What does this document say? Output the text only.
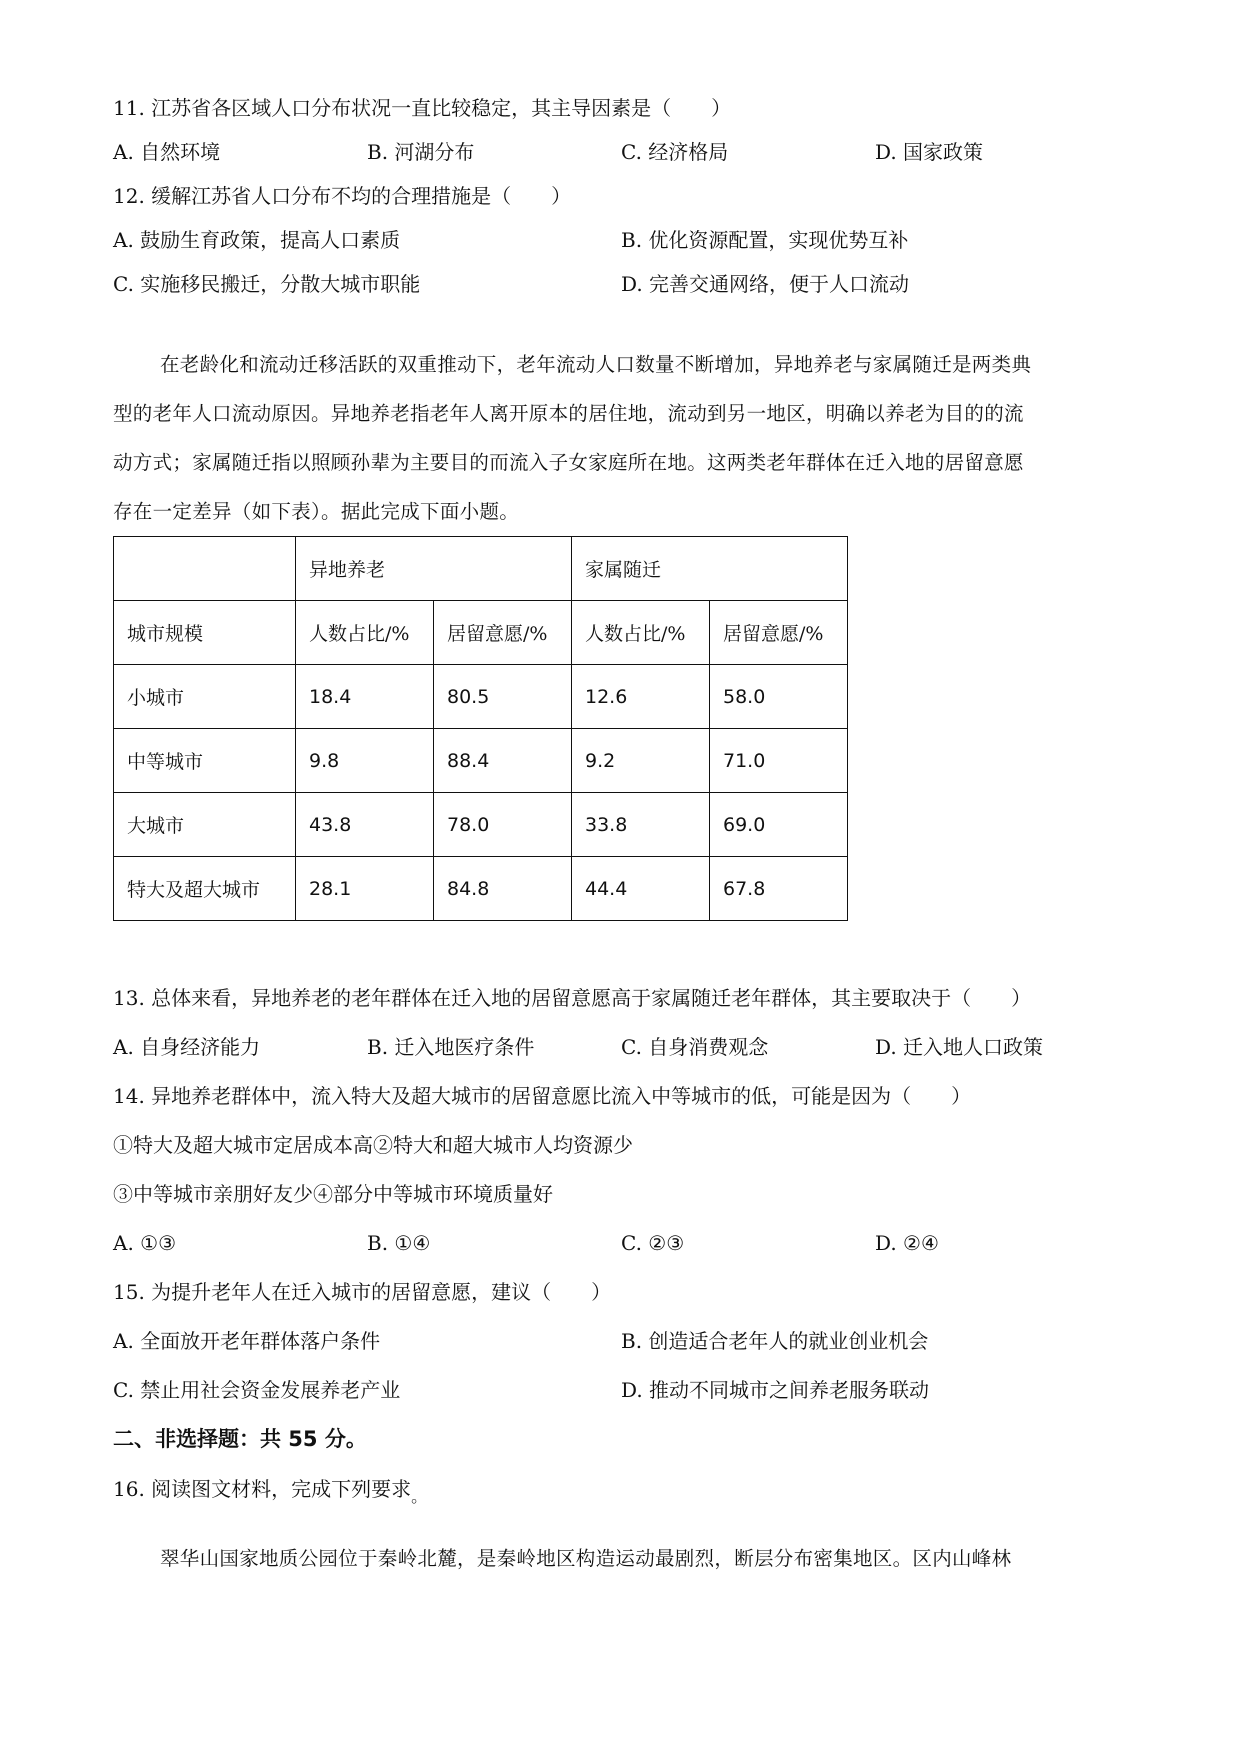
11. 江苏省各区域人口分布状况一直比较稳定，其主导因素是（　　）
A. 自然环境	B. 河湖分布	C. 经济格局	D. 国家政策
12. 缓解江苏省人口分布不均的合理措施是（　　）
A. 鼓励生育政策，提高人口素质	B. 优化资源配置，实现优势互补
C. 实施移民搬迁，分散大城市职能	D. 完善交通网络，便于人口流动
在老龄化和流动迁移活跃的双重推动下，老年流动人口数量不断增加，异地养老与家属随迁是两类典
型的老年人口流动原因。异地养老指老年人离开原本的居住地，流动到另一地区，明确以养老为目的的流
动方式；家属随迁指以照顾孙辈为主要目的而流入子女家庭所在地。这两类老年群体在迁入地的居留意愿
存在一定差异（如下表）。据此完成下面小题。
	异地养老		家属随迁	
城市规模	人数占比/%	居留意愿/%	人数占比/%	居留意愿/%
小城市	18.4	80.5	12.6	58.0
中等城市	9.8	88.4	9.2	71.0
大城市	43.8	78.0	33.8	69.0
特大及超大城市	28.1	84.8	44.4	67.8
13. 总体来看，异地养老的老年群体在迁入地的居留意愿高于家属随迁老年群体，其主要取决于（　　）
A. 自身经济能力	B. 迁入地医疗条件	C. 自身消费观念	D. 迁入地人口政策
14. 异地养老群体中，流入特大及超大城市的居留意愿比流入中等城市的低，可能是因为（　　）
①特大及超大城市定居成本高②特大和超大城市人均资源少
③中等城市亲朋好友少④部分中等城市环境质量好
A. ①③	B. ①④	C. ②③	D. ②④
15. 为提升老年人在迁入城市的居留意愿，建议（　　）
A. 全面放开老年群体落户条件	B. 创造适合老年人的就业创业机会
C. 禁止用社会资金发展养老产业	D. 推动不同城市之间养老服务联动
二、非选择题：共 55 分。
16. 阅读图文材料，完成下列要求$_。$
翠华山国家地质公园位于秦岭北麓，是秦岭地区构造运动最剧烈，断层分布密集地区。区内山峰林
